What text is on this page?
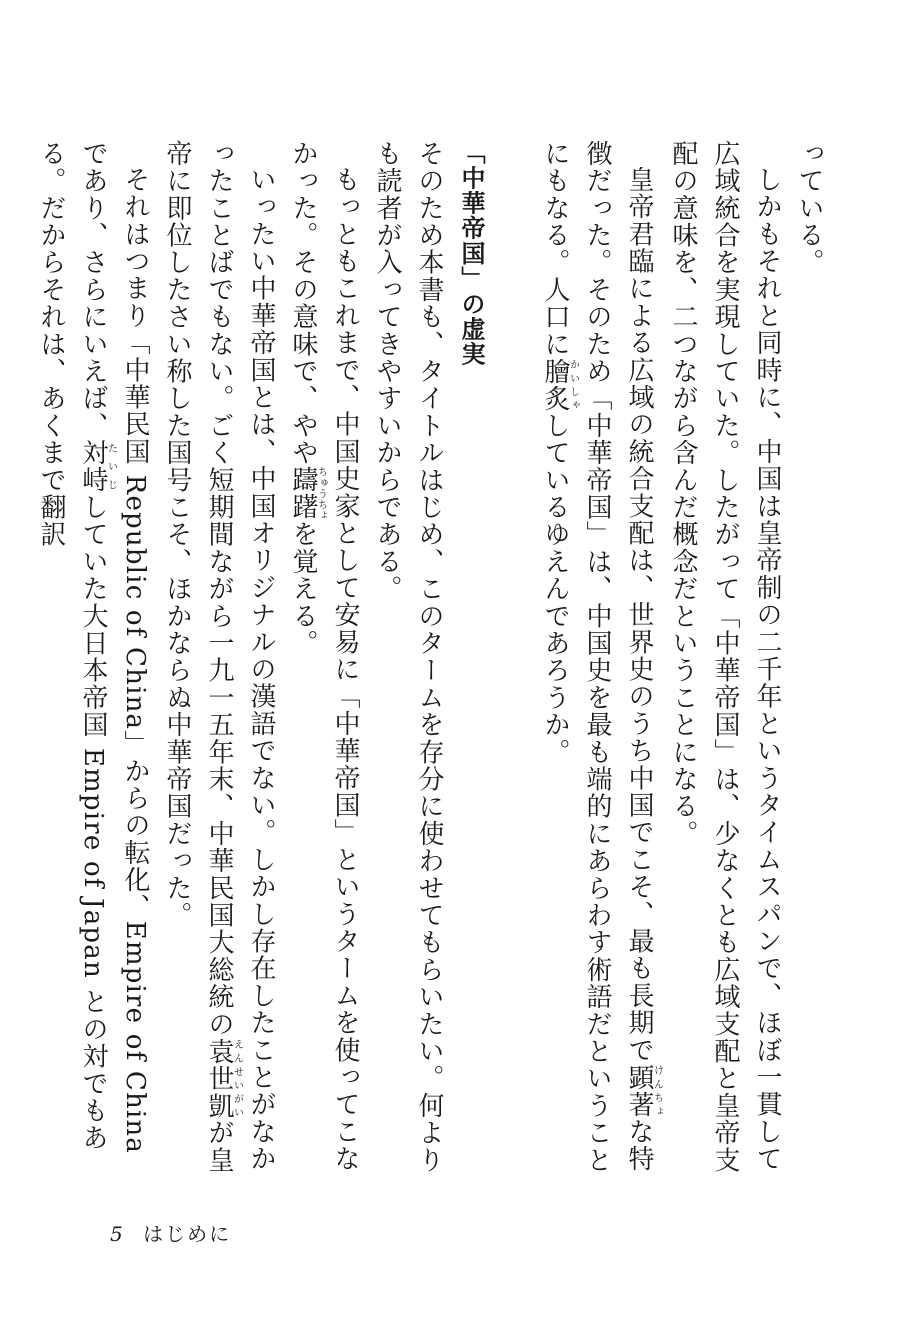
っている。

しかもそれと同時に、中国は皇帝制の二千年というタイムスパンで、ほぼ一貫して広域統合を実現していた。したがって「中華帝国」は、少なくとも広域支配と皇帝支配の意味を、二つながら含んだ概念だということになる。

皇帝君臨による広域の統合支配は、世界史のうち中国でこそ、最も長期で顕著けんちょな特徴だった。そのため「中華帝国」は、中国史を最も端的にあらわす術語だということにもなる。人口に膾炙かいしゃしているゆえんであろうか。

「中華帝国」の虚実

そのため本書も、タイトルはじめ、このタームを存分に使わせてもらいたい。何よりも読者が入ってきやすいからである。

もっともこれまで、中国史家として安易に「中華帝国」というタームを使ってこなかった。その意味で、やや躊躇ちゅうちょを覚える。

いったい中華帝国とは、中国オリジナルの漢語でない。しかし存在したことがなかったことばでもない。ごく短期間ながら一九一五年末、中華民国大総統の袁世凱えんせいがいが皇帝に即位したさい称した国号こそ、ほかならぬ中華帝国だった。

それはつまり「中華民国 Republic of China」からの転化、Empire of China であり、さらにいえば、対峙たいじしていた大日本帝国 Empire of Japan との対でもある。だからそれは、あくまで翻訳

5 はじめに
